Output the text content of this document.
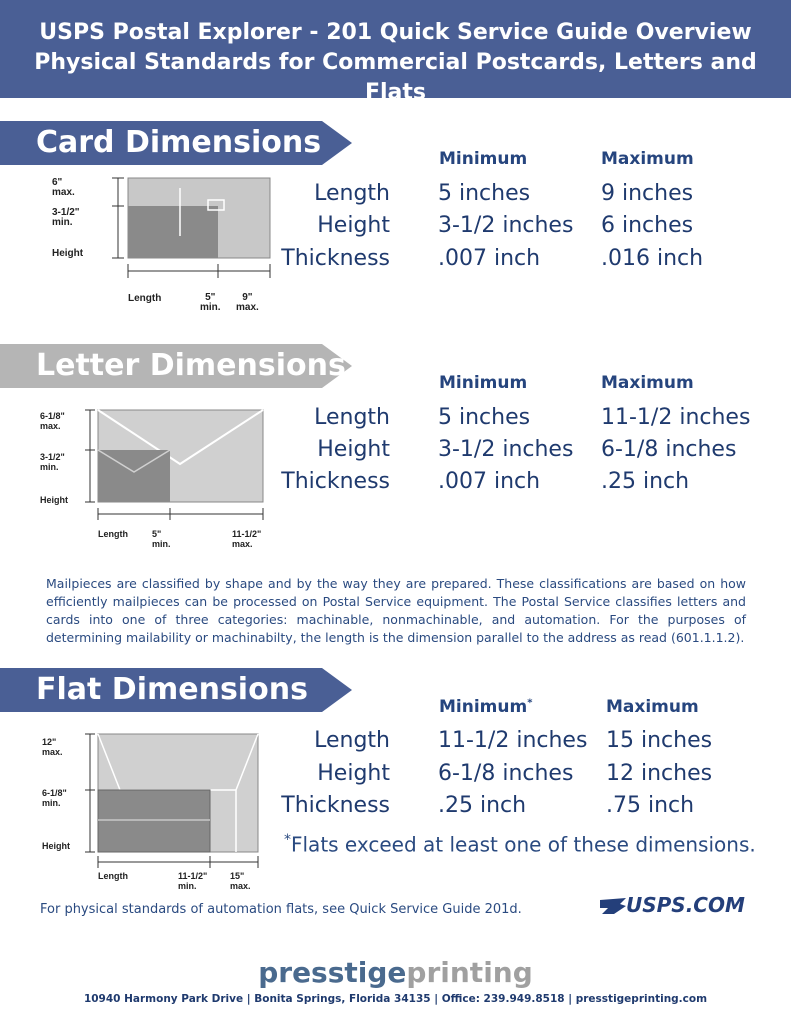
USPS Postal Explorer - 201 Quick Service Guide Overview
Physical Standards for Commercial Postcards, Letters and Flats
Card Dimensions	Minimum	Maximum
Length 5 inches	9 inches
Height 3-1/2 inches 6 inches
Thickness .007 inch	.016 inch
6"
max.
3-1/2"
min.
Height
Length	5"
min.
9"
max.
Letter Dimensions	Minimum	Maximum
Length 5 inches	11-1/2 inches
Height 3-1/2 inches 6-1/8 inches
Thickness .007 inch	.25 inch
6-1/8"
max.
3-1/2"
min.
Height
Length	5"
min.
11-1/2"
max.
Mailpieces are classified by shape and by the way they are prepared. These classifications are based on how efficiently mailpieces can be processed on Postal Service equipment. The Postal Service classifies letters and cards into one of three categories: machinable, nonmachinable, and automation. For the purposes of determining mailability or machinabilty, the length is the dimension parallel to the address as read (601.1.1.2).
Flat Dimensions	Minimum*	Maximum
Length 11-1/2 inches 15 inches
Height 6-1/8 inches 12 inches
Thickness .25 inch	.75 inch
*Flats exceed at least one of these dimensions.
12"
max.
6-1/8"
min.
Height
Length	11-1/2"
min.
15"
max.
For physical standards of automation flats, see Quick Service Guide 201d.	USPS.COM
presstigeprinting
10940 Harmony Park Drive | Bonita Springs, Florida 34135 | Office: 239.949.8518 | presstigeprinting.com
